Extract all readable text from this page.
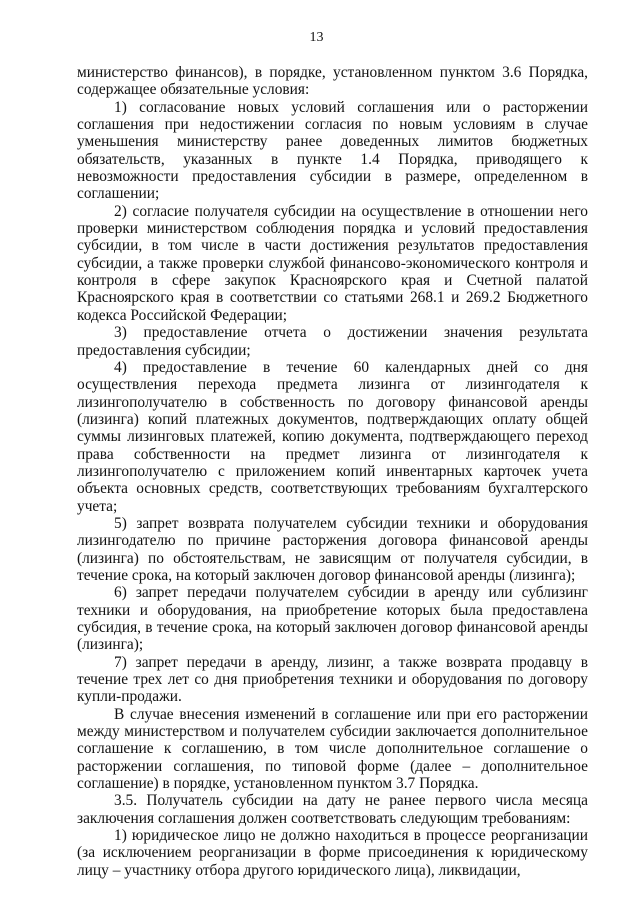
13

министерство финансов), в порядке, установленном пунктом 3.6 Порядка, содержащее обязательные условия:

1) согласование новых условий соглашения или о расторжении соглашения при недостижении согласия по новым условиям в случае уменьшения министерству ранее доведенных лимитов бюджетных обязательств, указанных в пункте 1.4 Порядка, приводящего к невозможности предоставления субсидии в размере, определенном в соглашении;

2) согласие получателя субсидии на осуществление в отношении него проверки министерством соблюдения порядка и условий предоставления субсидии, в том числе в части достижения результатов предоставления субсидии, а также проверки службой финансово-экономического контроля и контроля в сфере закупок Красноярского края и Счетной палатой Красноярского края в соответствии со статьями 268.1 и 269.2 Бюджетного кодекса Российской Федерации;

3) предоставление отчета о достижении значения результата предоставления субсидии;

4) предоставление в течение 60 календарных дней со дня осуществления перехода предмета лизинга от лизингодателя к лизингополучателю в собственность по договору финансовой аренды (лизинга) копий платежных документов, подтверждающих оплату общей суммы лизинговых платежей, копию документа, подтверждающего переход права собственности на предмет лизинга от лизингодателя к лизингополучателю с приложением копий инвентарных карточек учета объекта основных средств, соответствующих требованиям бухгалтерского учета;

5) запрет возврата получателем субсидии техники и оборудования лизингодателю по причине расторжения договора финансовой аренды (лизинга) по обстоятельствам, не зависящим от получателя субсидии, в течение срока, на который заключен договор финансовой аренды (лизинга);

6) запрет передачи получателем субсидии в аренду или сублизинг техники и оборудования, на приобретение которых была предоставлена субсидия, в течение срока, на который заключен договор финансовой аренды (лизинга);

7) запрет передачи в аренду, лизинг, а также возврата продавцу в течение трех лет со дня приобретения техники и оборудования по договору купли-продажи.

В случае внесения изменений в соглашение или при его расторжении между министерством и получателем субсидии заключается дополнительное соглашение к соглашению, в том числе дополнительное соглашение о расторжении соглашения, по типовой форме (далее – дополнительное соглашение) в порядке, установленном пунктом 3.7 Порядка.

3.5. Получатель субсидии на дату не ранее первого числа месяца заключения соглашения должен соответствовать следующим требованиям:

1) юридическое лицо не должно находиться в процессе реорганизации (за исключением реорганизации в форме присоединения к юридическому лицу – участнику отбора другого юридического лица), ликвидации,
